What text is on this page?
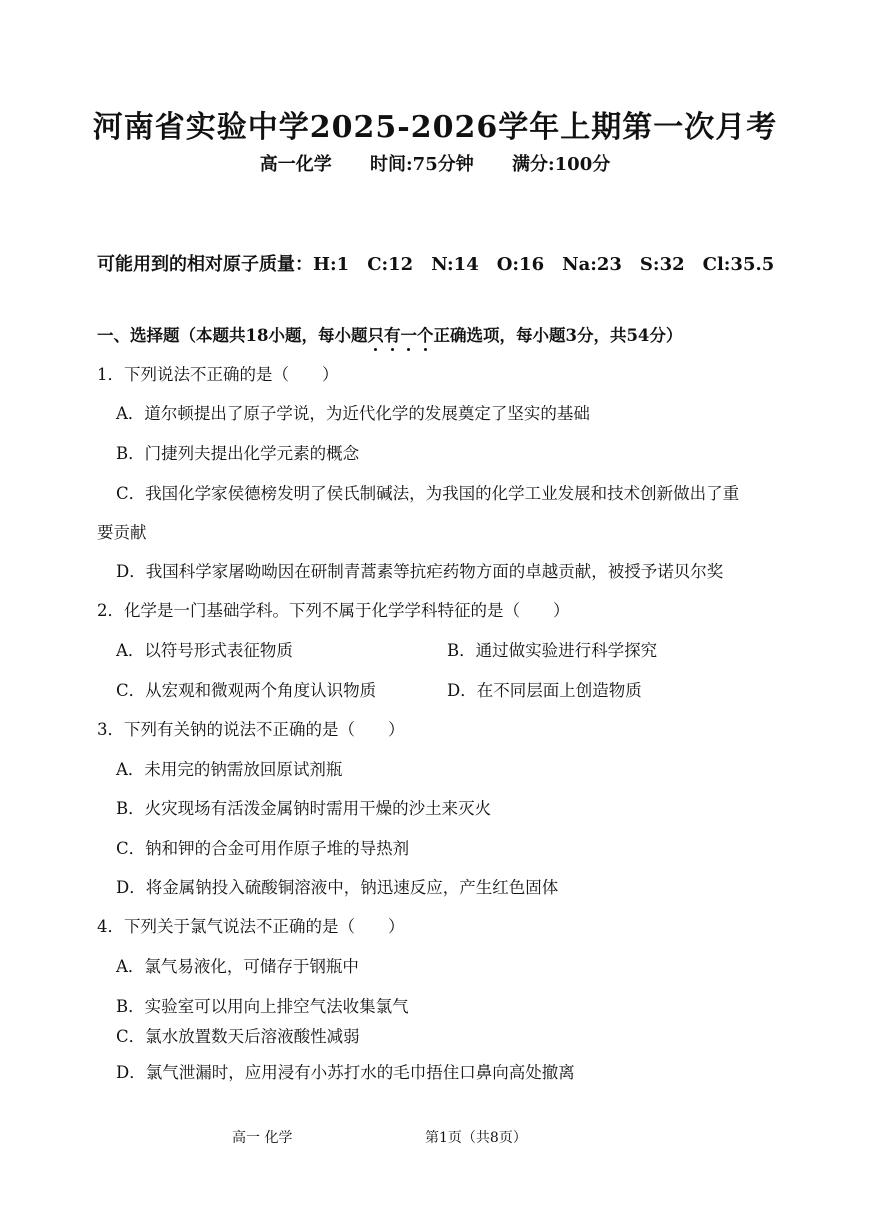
河南省实验中学2025-2026学年上期第一次月考
高一化学 时间:75分钟 满分:100分
可能用到的相对原子质量：H:1 C:12 N:14 O:16 Na:23 S:32 Cl:35.5
一、选择题（本题共18小题，每小题只有一个正确选项，每小题3分，共54分）
1．下列说法不正确的是（　　）
A．道尔顿提出了原子学说，为近代化学的发展奠定了坚实的基础
B．门捷列夫提出化学元素的概念
C．我国化学家侯德榜发明了侯氏制碱法，为我国的化学工业发展和技术创新做出了重
要贡献
D．我国科学家屠呦呦因在研制青蒿素等抗疟药物方面的卓越贡献，被授予诺贝尔奖
2．化学是一门基础学科。下列不属于化学学科特征的是（　　）
A．以符号形式表征物质	B．通过做实验进行科学探究
C．从宏观和微观两个角度认识物质	D．在不同层面上创造物质
3．下列有关钠的说法不正确的是（　　）
A．未用完的钠需放回原试剂瓶
B．火灾现场有活泼金属钠时需用干燥的沙土来灭火
C．钠和钾的合金可用作原子堆的导热剂
D．将金属钠投入硫酸铜溶液中，钠迅速反应，产生红色固体
4．下列关于氯气说法不正确的是（　　）
A．氯气易液化，可储存于钢瓶中
B．实验室可以用向上排空气法收集氯气
C．氯水放置数天后溶液酸性减弱
D．氯气泄漏时，应用浸有小苏打水的毛巾捂住口鼻向高处撤离
高一 化学	第1页（共8页）
